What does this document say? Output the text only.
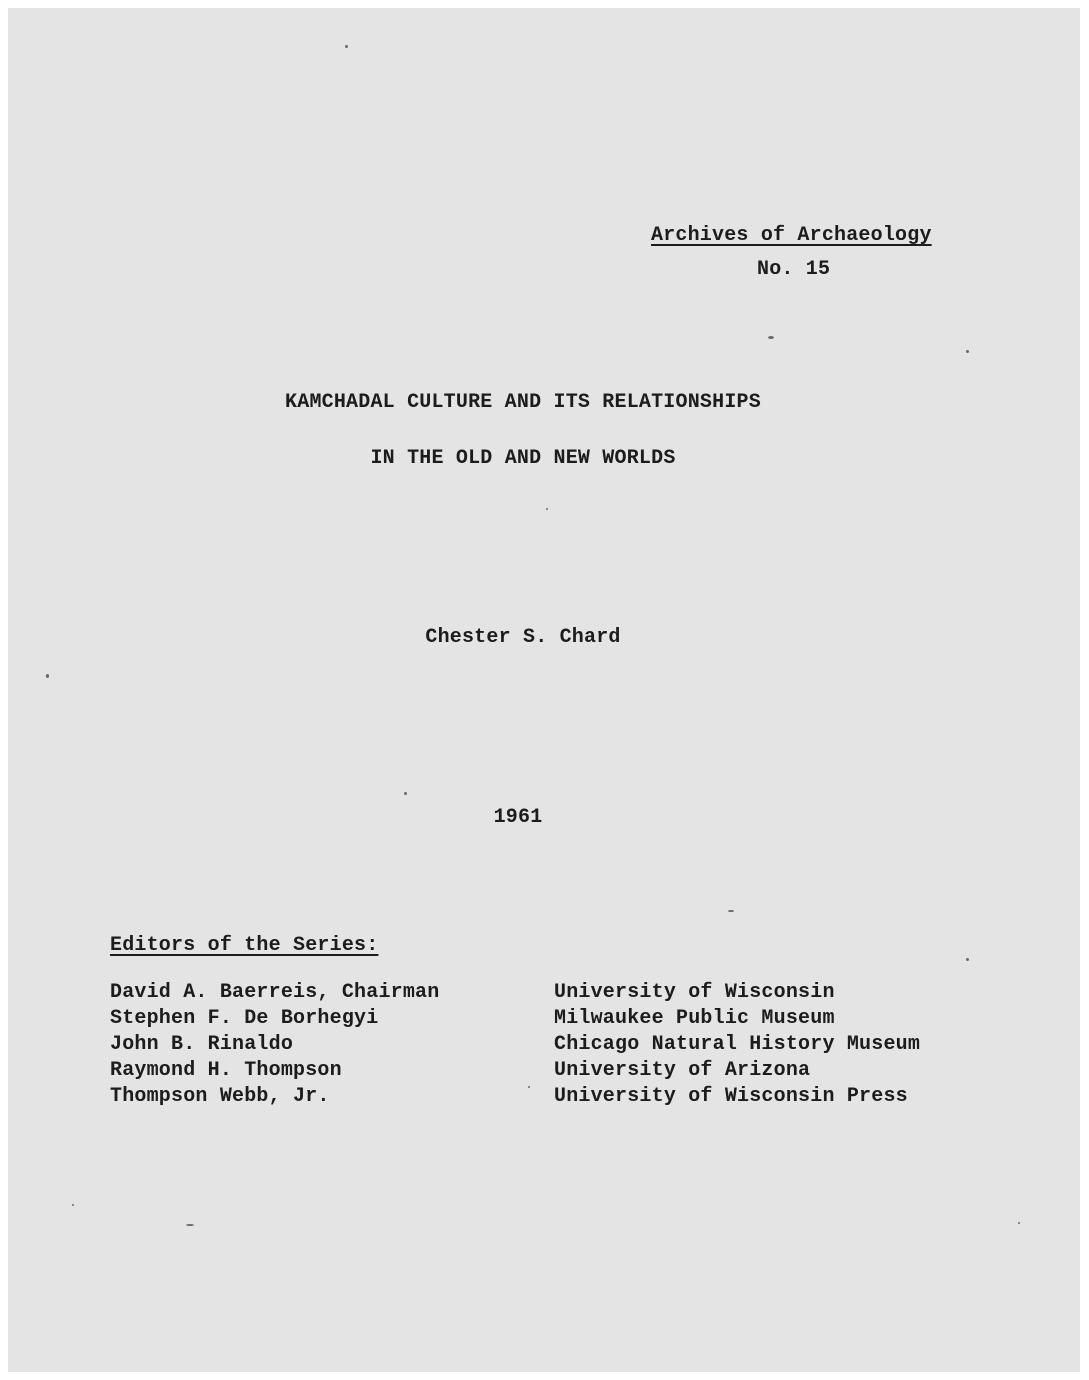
Archives of Archaeology
No. 15
KAMCHADAL CULTURE AND ITS RELATIONSHIPS
IN THE OLD AND NEW WORLDS
Chester S. Chard
1961
Editors of the Series:
David A. Baerreis, Chairman	University of Wisconsin
Stephen F. De Borhegyi	Milwaukee Public Museum
John B. Rinaldo	Chicago Natural History Museum
Raymond H. Thompson	University of Arizona
Thompson Webb, Jr.	University of Wisconsin Press
